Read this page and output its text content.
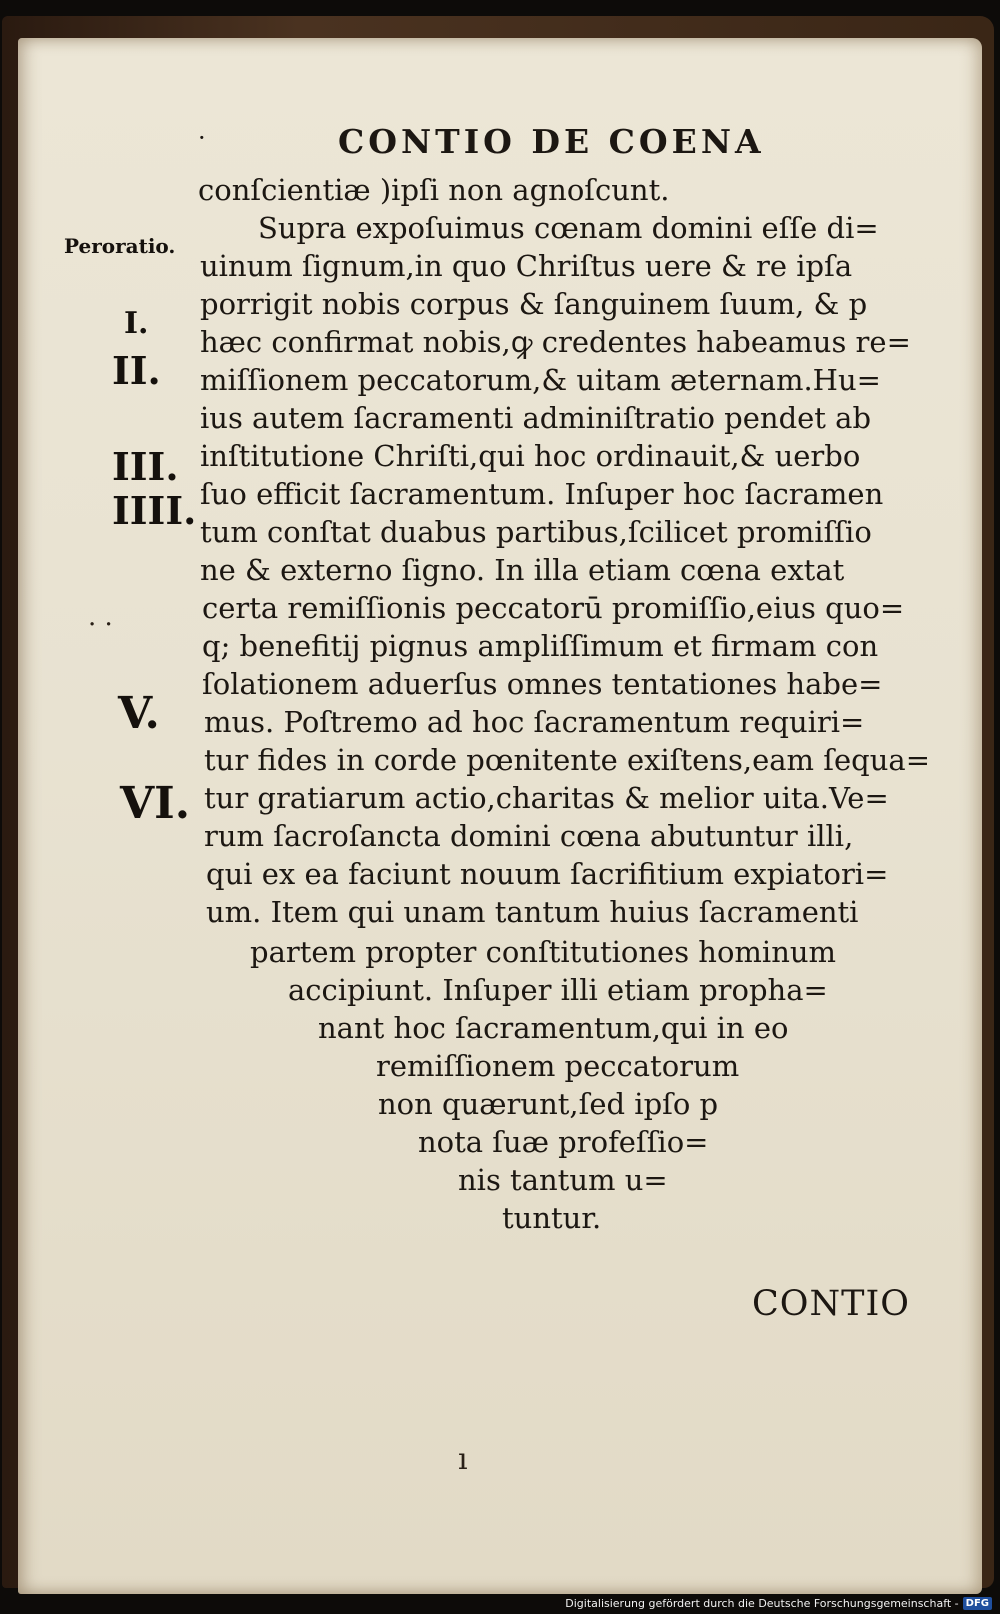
·	CONTIO DE COENA
Peroratio.
I.
II.
III.
IIII.
V.
VI.
conſcientiæ )ipſi non agnoſcunt.
Supra expoſuimus cœnam domini eſſe di=
uinum ſignum,in quo Chriſtus uere & re ipſa
porrigit nobis corpus & ſanguinem ſuum, & p
hæc confirmat nobis,ꝙ credentes habeamus re=
miſſionem peccatorum,& uitam æternam.Hu=
ius autem ſacramenti adminiſtratio pendet ab
inſtitutione Chriſti,qui hoc ordinauit,& uerbo
ſuo efficit ſacramentum. Inſuper hoc ſacramen
tum conſtat duabus partibus,ſcilicet promiſſio
ne & externo ſigno. In illa etiam cœna extat
certa remiſſionis peccatorū promiſſio,eius quo=
q; benefitij pignus ampliſſimum et firmam con
ſolationem aduerſus omnes tentationes habe=
mus. Poſtremo ad hoc ſacramentum requiri=
tur fides in corde pœnitente exiſtens,eam ſequa=
tur gratiarum actio,charitas & melior uita.Ve=
rum ſacroſancta domini cœna abutuntur illi,
qui ex ea faciunt nouum ſacrifitium expiatori=
um. Item qui unam tantum huius ſacramenti
partem propter conſtitutiones hominum
accipiunt. Inſuper illi etiam propha=
nant hoc ſacramentum,qui in eo
remiſſionem peccatorum
non quærunt,ſed ipſo p
nota ſuæ profeſſio=
nis tantum u=
tuntur.
CONTIO
· ·
ı
Digitalisierung gefördert durch die Deutsche Forschungsgemeinschaft - DFG
